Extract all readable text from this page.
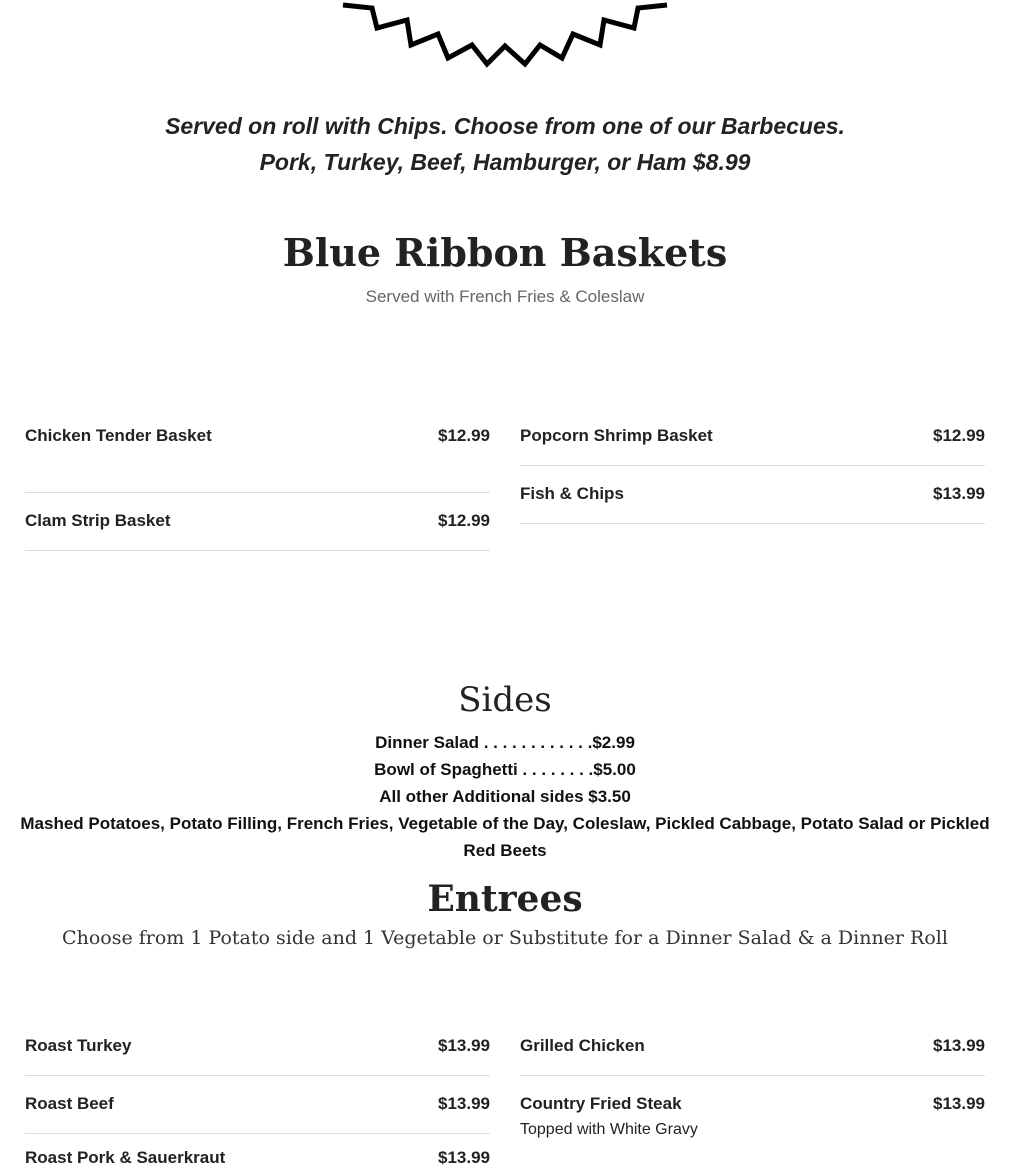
Served on roll with Chips. Choose from one of our Barbecues.
Pork, Turkey, Beef, Hamburger, or Ham $8.99
Blue Ribbon Baskets
Served with French Fries & Coleslaw
Chicken Tender Basket	$12.99
Clam Strip Basket	$12.99
Popcorn Shrimp Basket	$12.99
Fish & Chips	$13.99
Sides
Dinner Salad . . . . . . . . . . . .$2.99
Bowl of Spaghetti . . . . . . . .$5.00
All other Additional sides $3.50
Mashed Potatoes, Potato Filling, French Fries, Vegetable of the Day, Coleslaw, Pickled Cabbage, Potato Salad or Pickled
Red Beets
Entrees
Choose from 1 Potato side and 1 Vegetable or Substitute for a Dinner Salad & a Dinner Roll
Roast Turkey	$13.99
Roast Beef	$13.99
Roast Pork & Sauerkraut	$13.99
Grilled Chicken	$13.99
Country Fried Steak	$13.99
Topped with White Gravy
